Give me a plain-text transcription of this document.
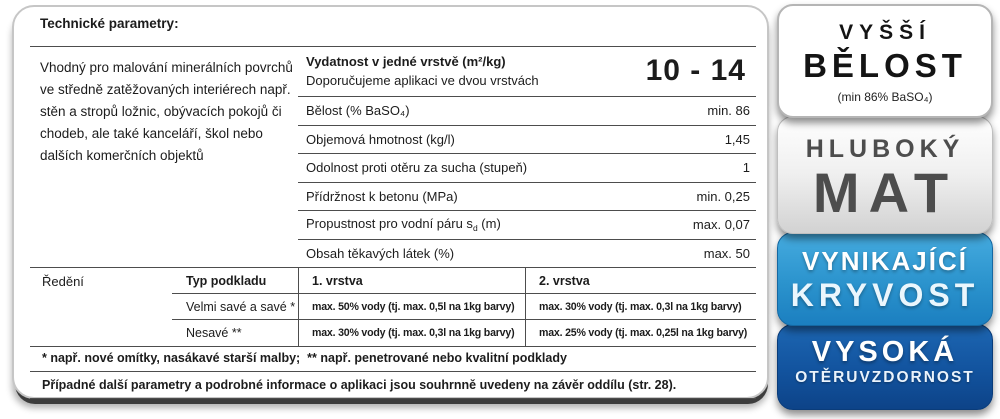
Technické parametry:
Vhodný pro malování minerálních povrchů ve středně zatěžovaných interiérech např. stěn a stropů ložnic, obývacích pokojů či chodeb, ale také kanceláří, škol nebo dalších komerčních objektů
Vydatnost v jedné vrstvě (m²/kg)
Doporučujeme aplikaci ve dvou vrstvách	10 - 14
Bělost (% BaSO₄)	min. 86
Objemová hmotnost (kg/l)	1,45
Odolnost proti otěru za sucha (stupeň)	1
Přídržnost k betonu (MPa)	min. 0,25
Propustnost pro vodní páru $s_d$ (m)	max. 0,07
Obsah těkavých látek (%)	max. 50
Ředění	Typ podkladu	1. vrstva	2. vrstva
Velmi savé a savé *	max. 50% vody (tj. max. 0,5l na 1kg barvy)	max. 30% vody (tj. max. 0,3l na 1kg barvy)
Nesavé **	max. 30% vody (tj. max. 0,3l na 1kg barvy)	max. 25% vody (tj. max. 0,25l na 1kg barvy)
* např. nové omítky, nasákavé starší malby;  ** např. penetrované nebo kvalitní podklady
Případné další parametry a podrobné informace o aplikaci jsou souhrnně uvedeny na závěr oddílu (str. 28).
VYŠŠÍ
BĚLOST
(min 86% BaSO₄)
HLUBOKÝ
MAT
VYNIKAJÍCÍ
KRYVOST
VYSOKÁ
OTĚRUVZDORNOST
